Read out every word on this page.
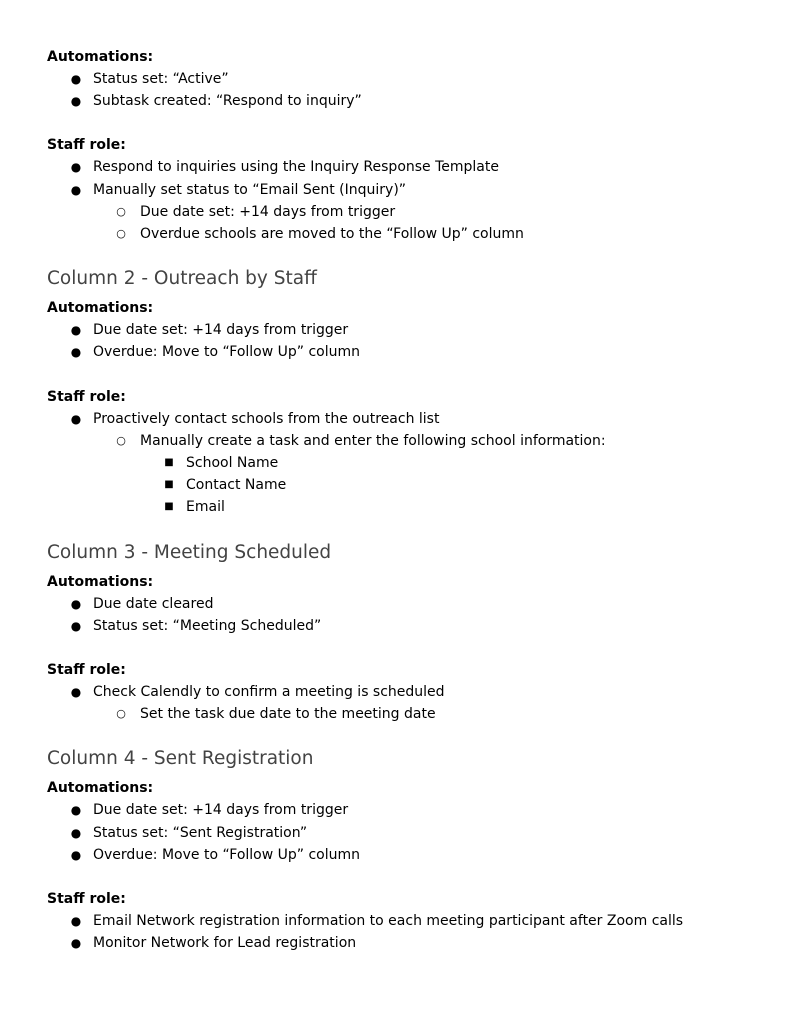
Automations:

● Status set: “Active”
● Subtask created: “Respond to inquiry”

Staff role:

● Respond to inquiries using the Inquiry Response Template
● Manually set status to “Email Sent (Inquiry)”
○	Due date set: +14 days from trigger
○	Overdue schools are moved to the “Follow Up” column
Column 2 - Outreach by Staff

Automations:

● Due date set: +14 days from trigger
● Overdue: Move to “Follow Up” column

Staff role:

● Proactively contact schools from the outreach list
○	Manually create a task and enter the following school information:
■ School Name
■ Contact Name
■ Email
Column 3 - Meeting Scheduled

Automations:

● Due date cleared
● Status set: “Meeting Scheduled”

Staff role:

● Check Calendly to confirm a meeting is scheduled
○	Set the task due date to the meeting date
Column 4 - Sent Registration

Automations:

● Due date set: +14 days from trigger
● Status set: “Sent Registration”
● Overdue: Move to “Follow Up” column

Staff role:

● Email Network registration information to each meeting participant after Zoom calls
● Monitor Network for Lead registration
